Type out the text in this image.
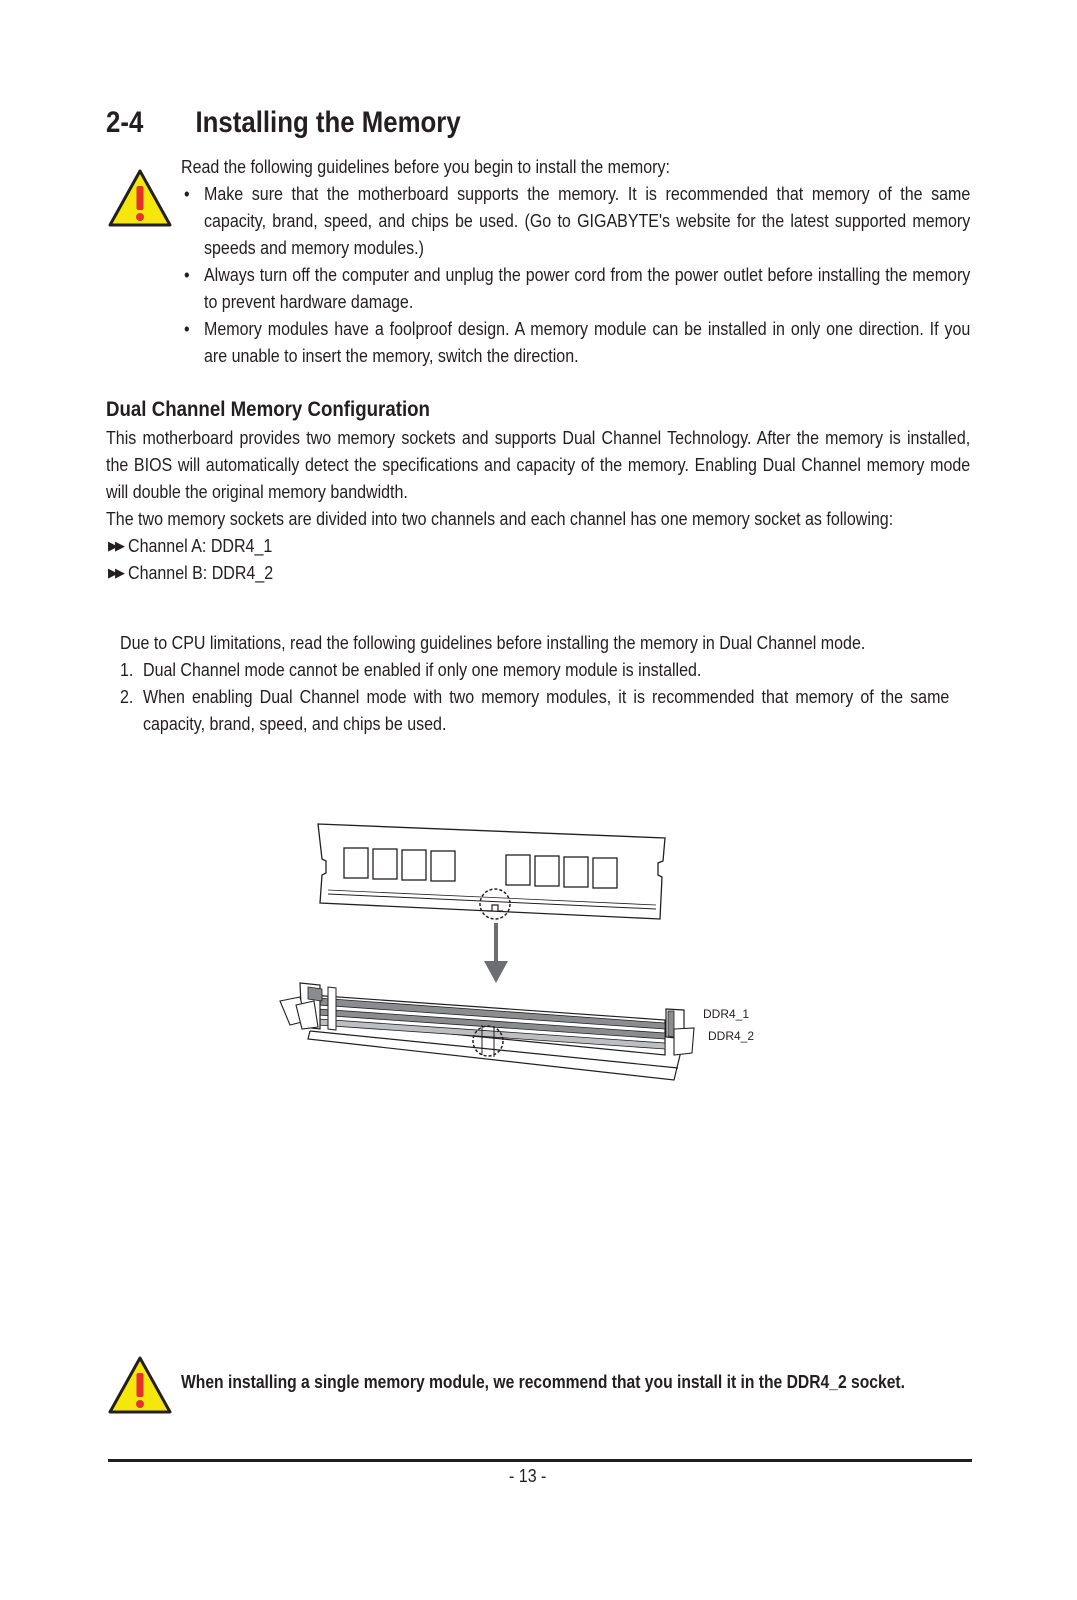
2-4 Installing the Memory
Read the following guidelines before you begin to install the memory:
• Make sure that the motherboard supports the memory. It is recommended that memory of the same capacity, brand, speed, and chips be used. (Go to GIGABYTE's website for the latest supported memory speeds and memory modules.)
• Always turn off the computer and unplug the power cord from the power outlet before installing the memory to prevent hardware damage.
• Memory modules have a foolproof design. A memory module can be installed in only one direction. If you are unable to insert the memory, switch the direction.
Dual Channel Memory Configuration
This motherboard provides two memory sockets and supports Dual Channel Technology. After the memory is installed, the BIOS will automatically detect the specifications and capacity of the memory. Enabling Dual Channel memory mode will double the original memory bandwidth.
The two memory sockets are divided into two channels and each channel has one memory socket as following:
▶▶ Channel A: DDR4_1
▶▶ Channel B: DDR4_2
Due to CPU limitations, read the following guidelines before installing the memory in Dual Channel mode.
1. Dual Channel mode cannot be enabled if only one memory module is installed.
2. When enabling Dual Channel mode with two memory modules, it is recommended that memory of the same capacity, brand, speed, and chips be used.
DDR4_1
DDR4_2
When installing a single memory module, we recommend that you install it in the DDR4_2 socket.
- 13 -
